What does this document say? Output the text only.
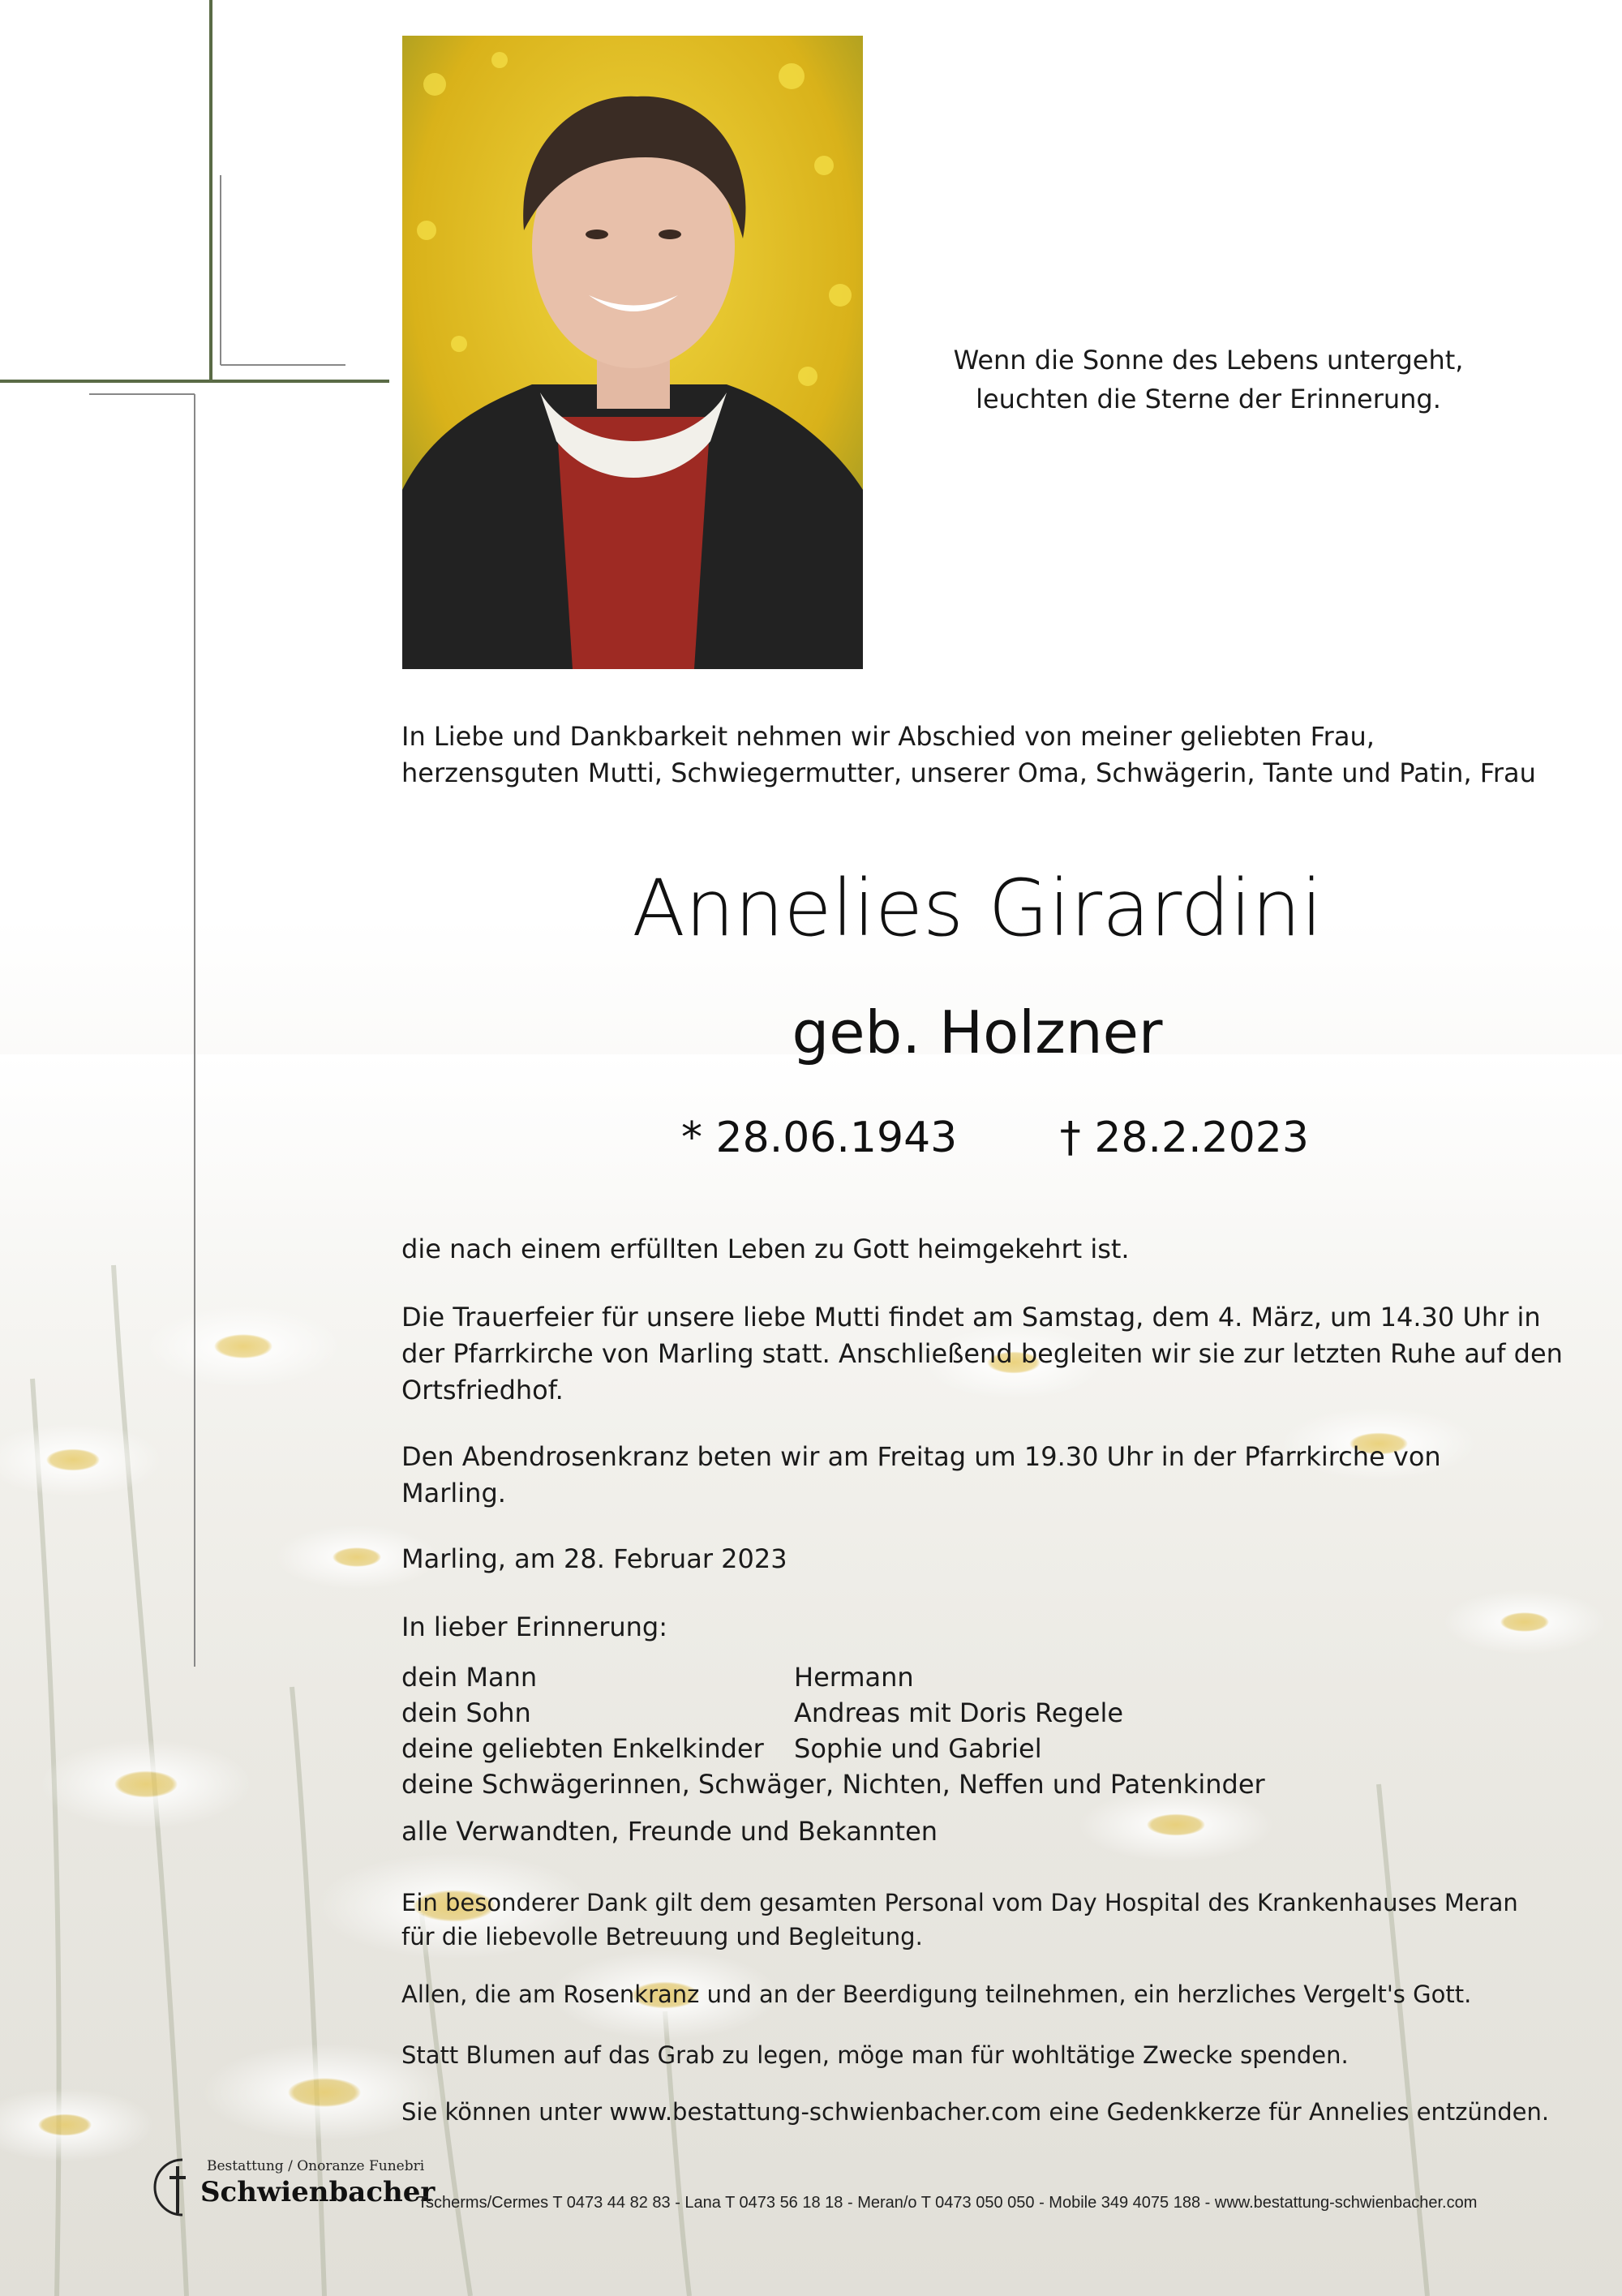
Wenn die Sonne des Lebens untergeht,
leuchten die Sterne der Erinnerung.
In Liebe und Dankbarkeit nehmen wir Abschied von meiner geliebten Frau,
herzensguten Mutti, Schwiegermutter, unserer Oma, Schwägerin, Tante und Patin, Frau
Annelies Girardini
geb. Holzner
* 28.06.1943 † 28.2.2023
die nach einem erfüllten Leben zu Gott heimgekehrt ist.
Die Trauerfeier für unsere liebe Mutti findet am Samstag, dem 4. März, um 14.30 Uhr in
der Pfarrkirche von Marling statt. Anschließend begleiten wir sie zur letzten Ruhe auf den
Ortsfriedhof.
Den Abendrosenkranz beten wir am Freitag um 19.30 Uhr in der Pfarrkirche von
Marling.
Marling, am 28. Februar 2023
In lieber Erinnerung:
dein Mann	Hermann
dein Sohn	Andreas mit Doris Regele
deine geliebten Enkelkinder	Sophie und Gabriel
deine Schwägerinnen, Schwäger, Nichten, Neffen und Patenkinder
alle Verwandten, Freunde und Bekannten
Ein besonderer Dank gilt dem gesamten Personal vom Day Hospital des Krankenhauses Meran
für die liebevolle Betreuung und Begleitung.
Allen, die am Rosenkranz und an der Beerdigung teilnehmen, ein herzliches Vergelt's Gott.
Statt Blumen auf das Grab zu legen, möge man für wohltätige Zwecke spenden.
Sie können unter www.bestattung-schwienbacher.com eine Gedenkkerze für Annelies entzünden.
Bestattung / Onoranze Funebri
Schwienbacher
Tscherms/Cermes T 0473 44 82 83 - Lana T 0473 56 18 18 - Meran/o T 0473 050 050 - Mobile 349 4075 188 - www.bestattung-schwienbacher.com
